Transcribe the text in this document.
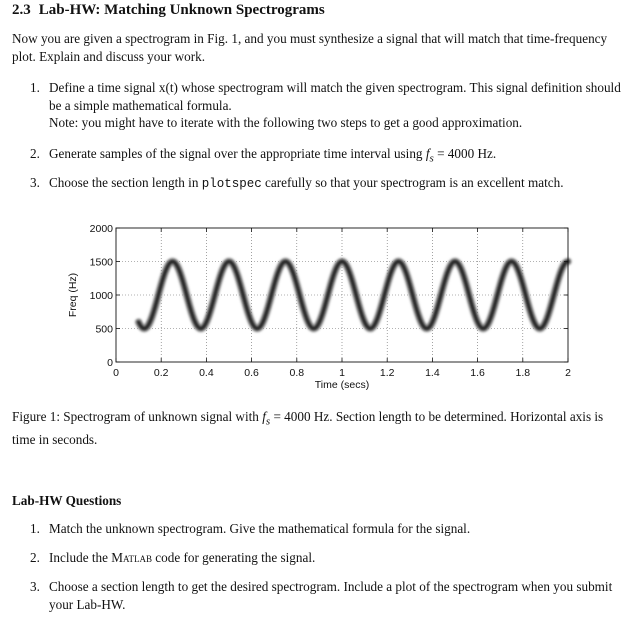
2.3 Lab-HW: Matching Unknown Spectrograms
Now you are given a spectrogram in Fig. 1, and you must synthesize a signal that will match that time-frequency plot. Explain and discuss your work.
1. Define a time signal x(t) whose spectrogram will match the given spectrogram. This signal definition should be a simple mathematical formula.
Note: you might have to iterate with the following two steps to get a good approximation.
2. Generate samples of the signal over the appropriate time interval using $f_s = 4000$ Hz.
3. Choose the section length in plotspec carefully so that your spectrogram is an excellent match.
0	0.2	0.4	0.6	0.8	1	1.2	1.4	1.6	1.8	2
0
500
1000
1500
2000
Time (secs)
Freq (Hz)
Figure 1: Spectrogram of unknown signal with $f_s = 4000$ Hz. Section length to be determined. Horizontal axis is time in seconds.
Lab-HW Questions
1. Match the unknown spectrogram. Give the mathematical formula for the signal.
2. Include the Matlab code for generating the signal.
3. Choose a section length to get the desired spectrogram. Include a plot of the spectrogram when you submit your Lab-HW.
